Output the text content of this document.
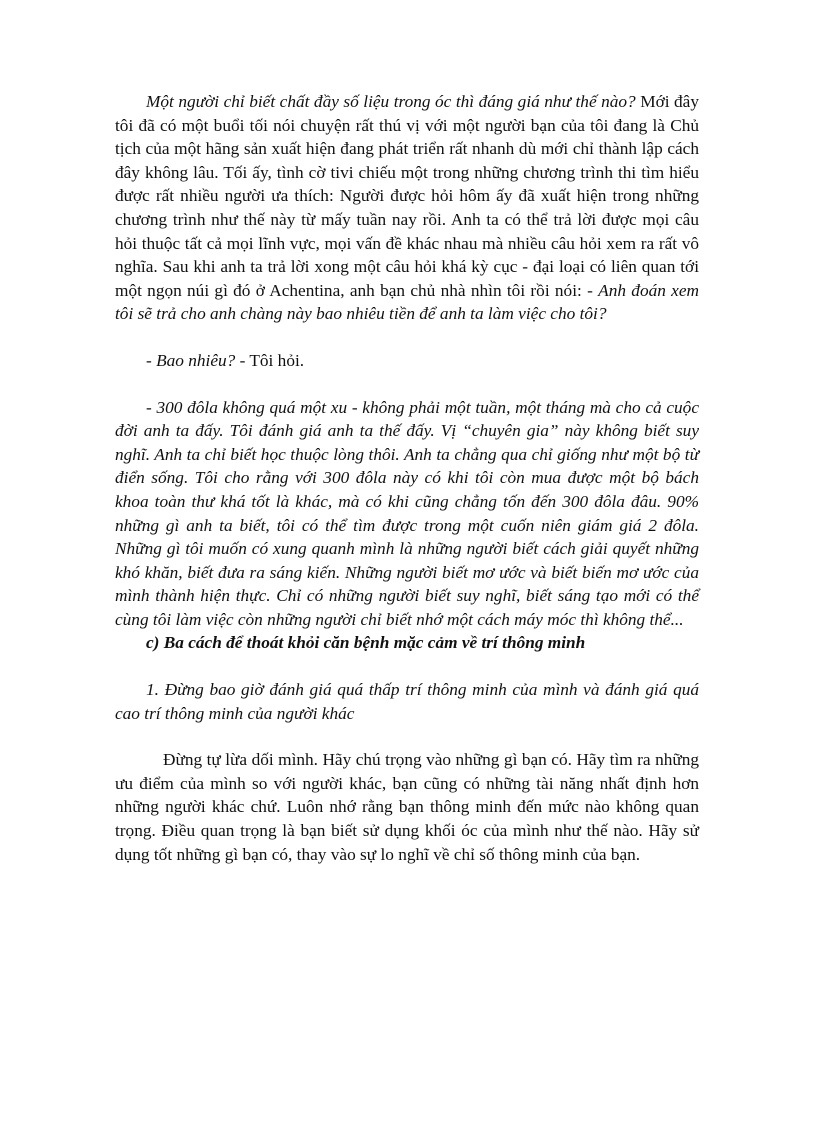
Một người chỉ biết chất đầy số liệu trong óc thì đáng giá như thế nào? Mới đây tôi đã có một buổi tối nói chuyện rất thú vị với một người bạn của tôi đang là Chủ tịch của một hãng sản xuất hiện đang phát triển rất nhanh dù mới chỉ thành lập cách đây không lâu. Tối ấy, tình cờ tivi chiếu một trong những chương trình thi tìm hiểu được rất nhiều người ưa thích: Người được hỏi hôm ấy đã xuất hiện trong những chương trình như thế này từ mấy tuần nay rồi. Anh ta có thể trả lời được mọi câu hỏi thuộc tất cả mọi lĩnh vực, mọi vấn đề khác nhau mà nhiều câu hỏi xem ra rất vô nghĩa. Sau khi anh ta trả lời xong một câu hỏi khá kỳ cục - đại loại có liên quan tới một ngọn núi gì đó ở Achentina, anh bạn chủ nhà nhìn tôi rồi nói: - Anh đoán xem tôi sẽ trả cho anh chàng này bao nhiêu tiền để anh ta làm việc cho tôi?

- Bao nhiêu? - Tôi hỏi.

- 300 đôla không quá một xu - không phải một tuần, một tháng mà cho cả cuộc đời anh ta đấy. Tôi đánh giá anh ta thế đấy. Vị “chuyên gia” này không biết suy nghĩ. Anh ta chỉ biết học thuộc lòng thôi. Anh ta chẳng qua chỉ giống như một bộ từ điển sống. Tôi cho rằng với 300 đôla này có khi tôi còn mua được một bộ bách khoa toàn thư khá tốt là khác, mà có khi cũng chẳng tốn đến 300 đôla đâu. 90% những gì anh ta biết, tôi có thể tìm được trong một cuốn niên giám giá 2 đôla. Những gì tôi muốn có xung quanh mình là những người biết cách giải quyết những khó khăn, biết đưa ra sáng kiến. Những người biết mơ ước và biết biến mơ ước của mình thành hiện thực. Chỉ có những người biết suy nghĩ, biết sáng tạo mới có thể cùng tôi làm việc còn những người chỉ biết nhớ một cách máy móc thì không thể...

c) Ba cách để thoát khỏi căn bệnh mặc cảm về trí thông minh

1. Đừng bao giờ đánh giá quá thấp trí thông minh của mình và đánh giá quá cao trí thông minh của người khác

Đừng tự lừa dối mình. Hãy chú trọng vào những gì bạn có. Hãy tìm ra những ưu điểm của mình so với người khác, bạn cũng có những tài năng nhất định hơn những người khác chứ. Luôn nhớ rằng bạn thông minh đến mức nào không quan trọng. Điều quan trọng là bạn biết sử dụng khối óc của mình như thế nào. Hãy sử dụng tốt những gì bạn có, thay vào sự lo nghĩ về chỉ số thông minh của bạn.
